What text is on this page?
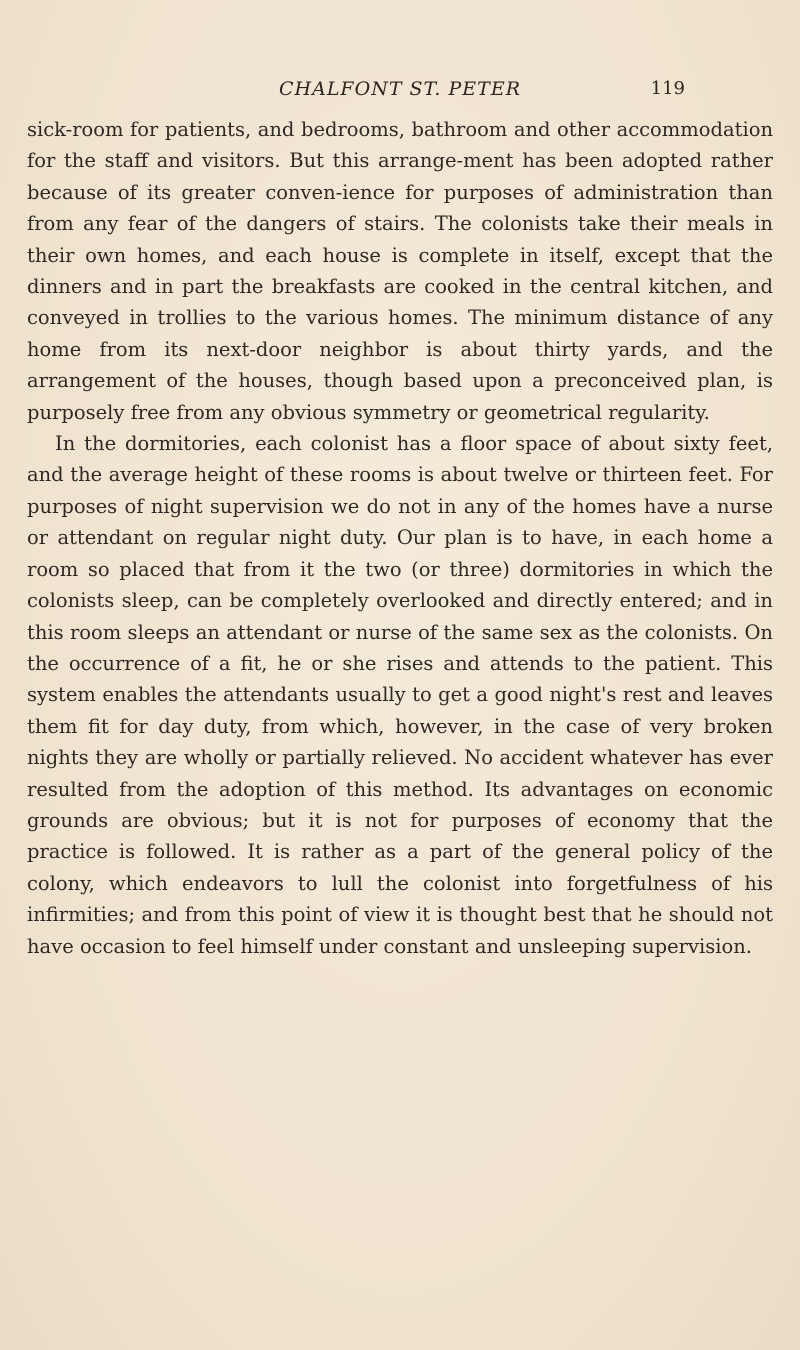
CHALFONT ST. PETER	119

sick-room for patients, and bedrooms, bathroom and other accommodation for the staff and visitors. But this arrange-ment has been adopted rather because of its greater conven-ience for purposes of administration than from any fear of the dangers of stairs. The colonists take their meals in their own homes, and each house is complete in itself, except that the dinners and in part the breakfasts are cooked in the central kitchen, and conveyed in trollies to the various homes. The minimum distance of any home from its next-door neighbor is about thirty yards, and the arrangement of the houses, though based upon a preconceived plan, is purposely free from any obvious symmetry or geometrical regularity.

In the dormitories, each colonist has a floor space of about sixty feet, and the average height of these rooms is about twelve or thirteen feet. For purposes of night supervision we do not in any of the homes have a nurse or attendant on regular night duty. Our plan is to have, in each home a room so placed that from it the two (or three) dormitories in which the colonists sleep, can be completely overlooked and directly entered; and in this room sleeps an attendant or nurse of the same sex as the colonists. On the occurrence of a fit, he or she rises and attends to the patient. This system enables the attendants usually to get a good night's rest and leaves them fit for day duty, from which, however, in the case of very broken nights they are wholly or partially relieved. No accident whatever has ever resulted from the adoption of this method. Its advantages on economic grounds are obvious; but it is not for purposes of economy that the practice is followed. It is rather as a part of the general policy of the colony, which endeavors to lull the colonist into forgetfulness of his infirmities; and from this point of view it is thought best that he should not have occasion to feel himself under constant and unsleeping supervision.
